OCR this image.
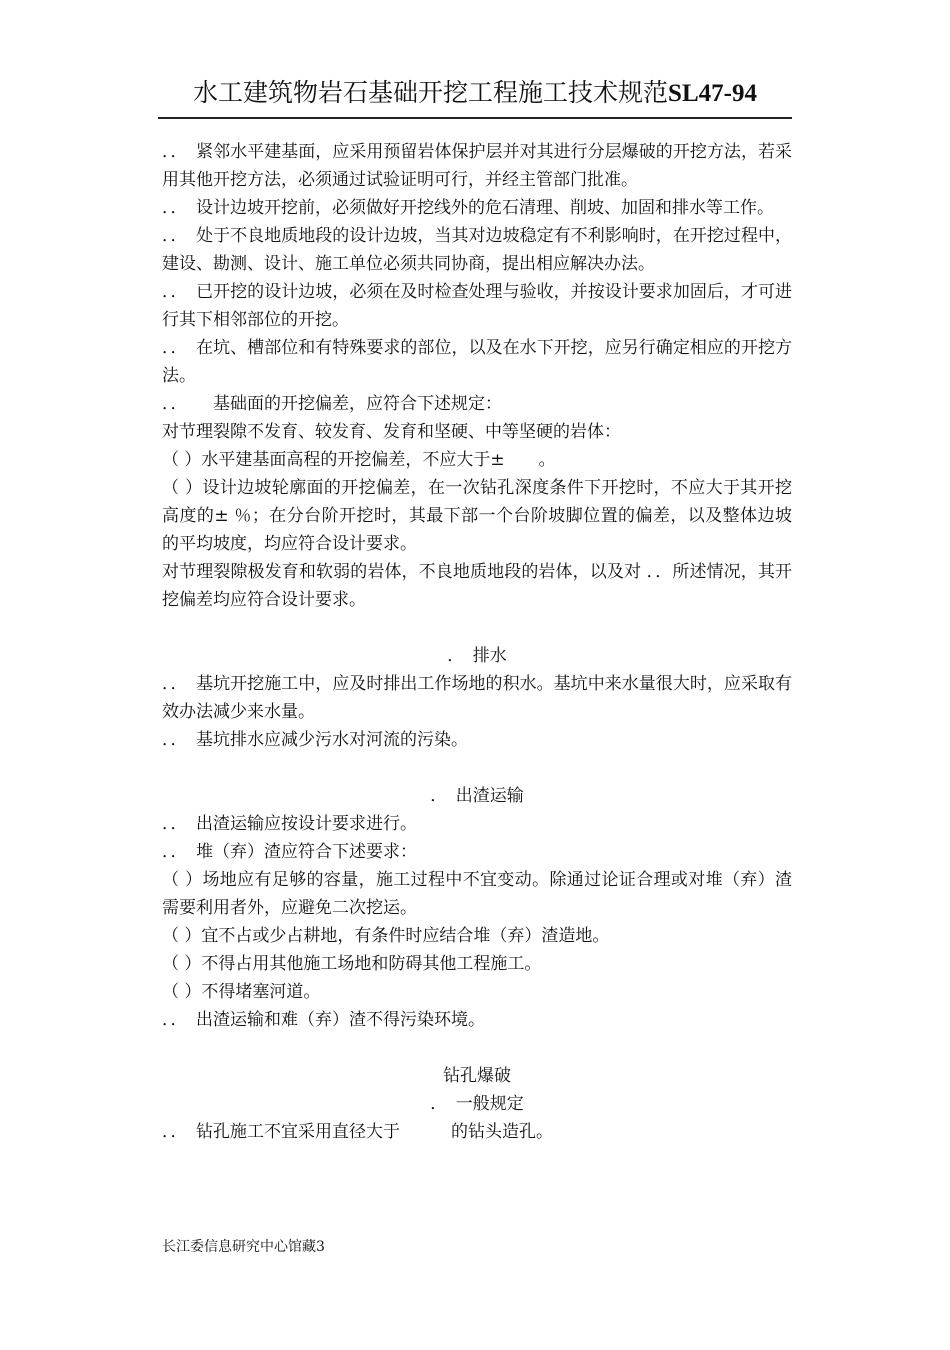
水工建筑物岩石基础开挖工程施工技术规范SL47-94

．．　紧邻水平建基面，应采用预留岩体保护层并对其进行分层爆破的开挖方法，若采用其他开挖方法，必须通过试验证明可行，并经主管部门批准。

．．　设计边坡开挖前，必须做好开挖线外的危石清理、削坡、加固和排水等工作。

．．　处于不良地质地段的设计边坡，当其对边坡稳定有不利影响时，在开挖过程中，建设、勘测、设计、施工单位必须共同协商，提出相应解决办法。

．．　已开挖的设计边坡，必须在及时检查处理与验收，并按设计要求加固后，才可进行其下相邻部位的开挖。

．．　在坑、槽部位和有特殊要求的部位，以及在水下开挖，应另行确定相应的开挖方法。

．．　　基础面的开挖偏差，应符合下述规定：

对节理裂隙不发育、较发育、发育和坚硬、中等坚硬的岩体：

（ ）水平建基面高程的开挖偏差，不应大于±　　。

（ ）设计边坡轮廓面的开挖偏差，在一次钻孔深度条件下开挖时，不应大于其开挖高度的± ％；在分台阶开挖时，其最下部一个台阶坡脚位置的偏差，以及整体边坡的平均坡度，均应符合设计要求。

对节理裂隙极发育和软弱的岩体，不良地质地段的岩体，以及对 ．．所述情况，其开挖偏差均应符合设计要求。

．　排水

．．　基坑开挖施工中，应及时排出工作场地的积水。基坑中来水量很大时，应采取有效办法减少来水量。

．．　基坑排水应减少污水对河流的污染。

．　出渣运输

．．　出渣运输应按设计要求进行。

．．　堆（弃）渣应符合下述要求：

（ ）场地应有足够的容量，施工过程中不宜变动。除通过论证合理或对堆（弃）渣需要利用者外，应避免二次挖运。

（ ）宜不占或少占耕地，有条件时应结合堆（弃）渣造地。

（ ）不得占用其他施工场地和防碍其他工程施工。

（ ）不得堵塞河道。

．．　出渣运输和难（弃）渣不得污染环境。

钻孔爆破

．　一般规定

．．　钻孔施工不宜采用直径大于　　　的钻头造孔。

长江委信息研究中心馆藏3
